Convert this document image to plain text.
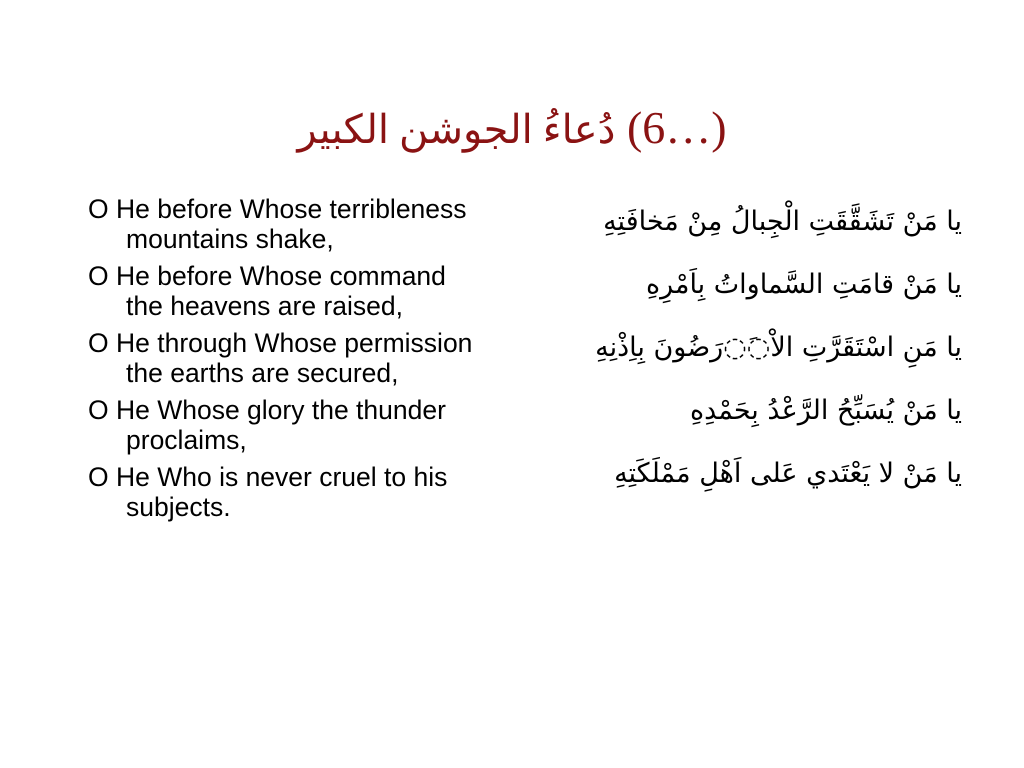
دُعاءُ الجوشن الكبير (6…)
O He before Whose terribleness mountains shake,
O He before Whose command the heavens are raised,
O He through Whose permission the earths are secured,
O He Whose glory the thunder proclaims,
O He Who is never cruel to his subjects.
يا مَنْ تَشَقَّقَتِ الْجِبالُ مِنْ مَخافَتِهِ
يا مَنْ قامَتِ السَّماواتُ بِاَمْرِهِ
يا مَنِ اسْتَقَرَّتِ الاْ◌َ◌رَضُونَ بِاِذْنِهِ
يا مَنْ يُسَبِّحُ الرَّعْدُ بِحَمْدِهِ
يا مَنْ لا يَعْتَدي عَلى اَهْلِ مَمْلَكَتِهِ
